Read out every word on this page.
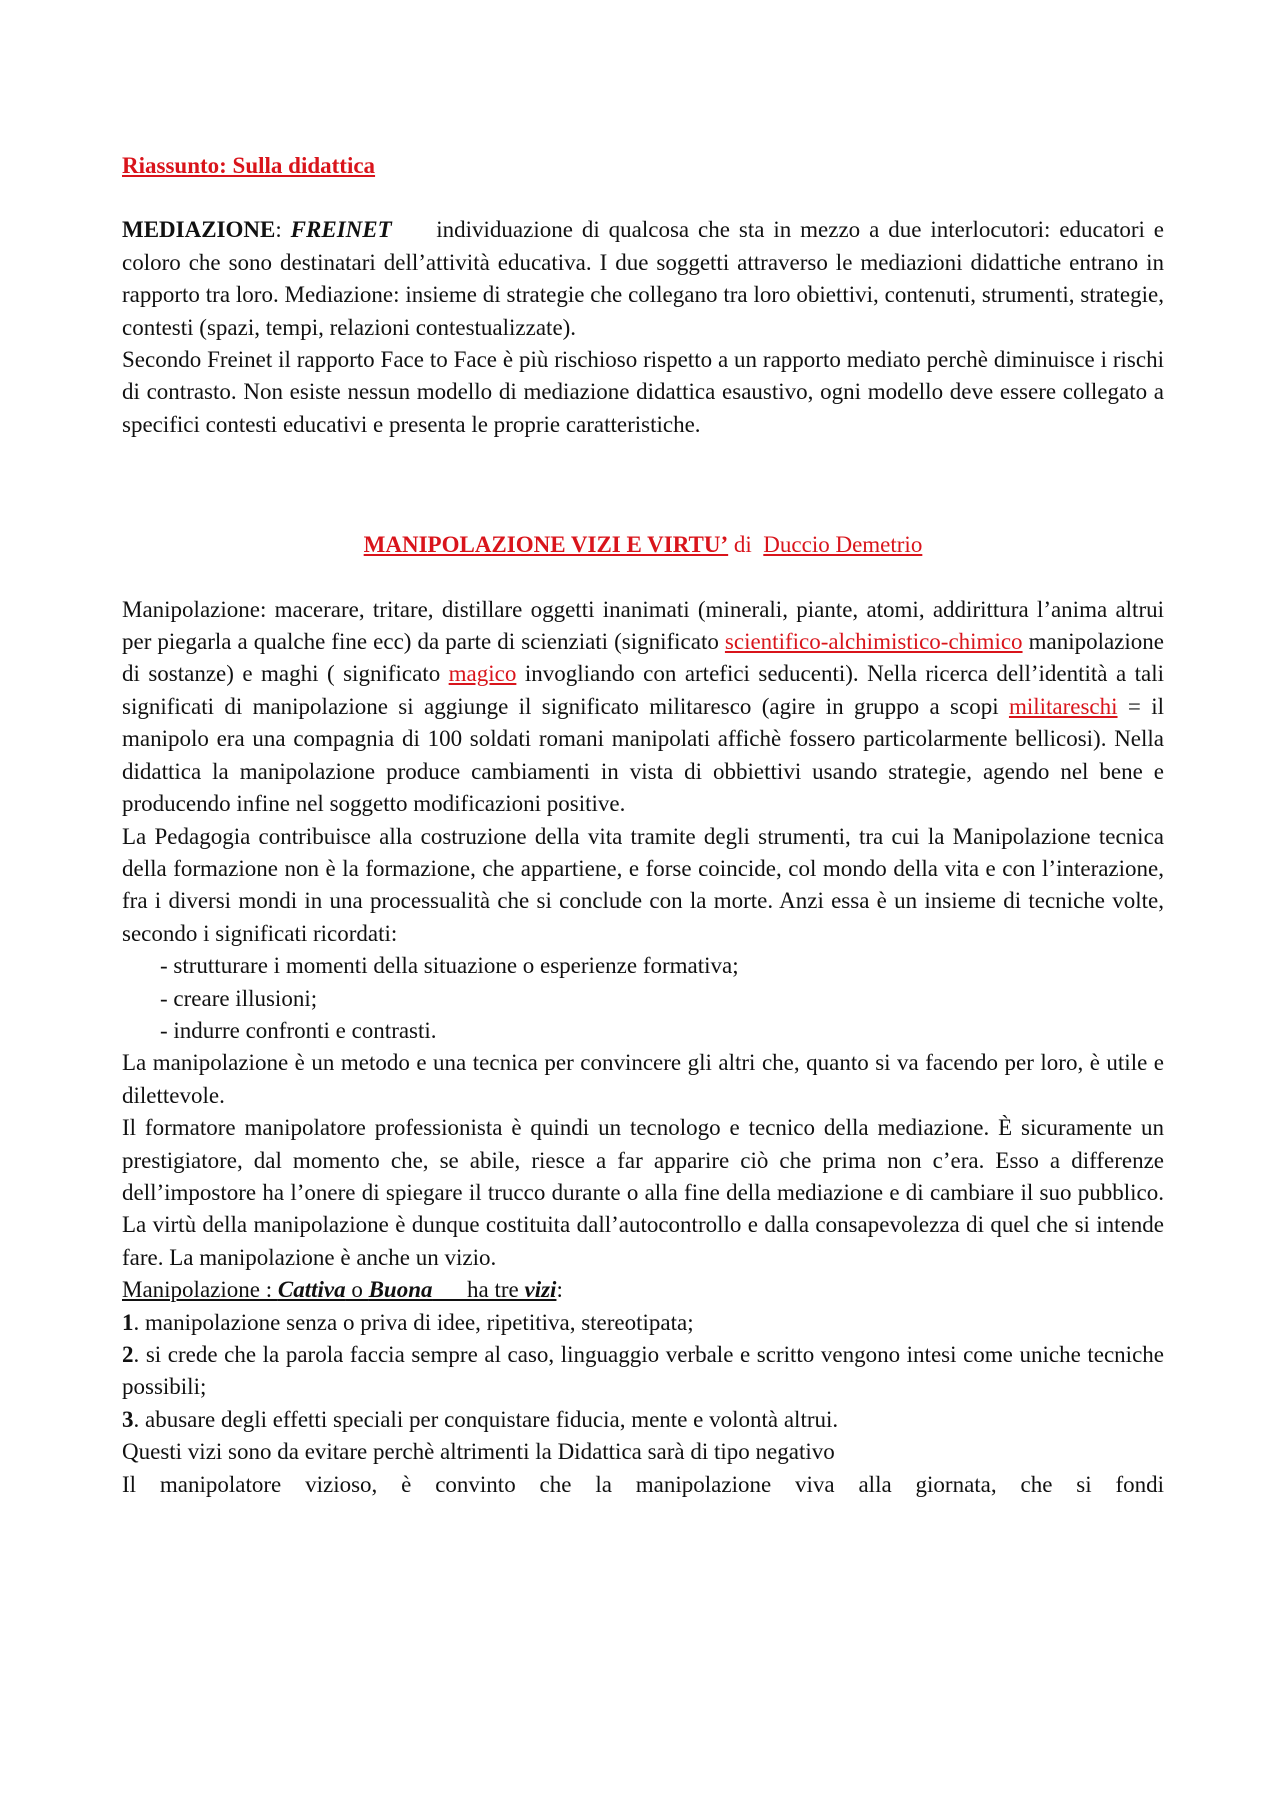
Riassunto: Sulla didattica

MEDIAZIONE: FREINET     individuazione di qualcosa che sta in mezzo a due interlocutori: educatori e coloro che sono destinatari dell’attività educativa. I due soggetti attraverso le mediazioni didattiche entrano in rapporto tra loro. Mediazione: insieme di strategie che collegano tra loro obiettivi, contenuti, strumenti, strategie, contesti (spazi, tempi, relazioni contestualizzate).

Secondo Freinet il rapporto Face to Face è più rischioso rispetto a un rapporto mediato perchè diminuisce i rischi di contrasto. Non esiste nessun modello di mediazione didattica esaustivo, ogni modello deve essere collegato a specifici contesti educativi e presenta le proprie caratteristiche.

MANIPOLAZIONE VIZI E VIRTU’ di  Duccio Demetrio

Manipolazione: macerare, tritare, distillare oggetti inanimati (minerali, piante, atomi, addirittura l’anima altrui per piegarla a qualche fine ecc) da parte di scienziati (significato scientifico-alchimistico-chimico manipolazione di sostanze) e maghi ( significato magico invogliando con artefici seducenti). Nella ricerca dell’identità a tali significati di manipolazione si aggiunge il significato militaresco (agire in gruppo a scopi militareschi = il manipolo era una compagnia di 100 soldati romani manipolati affichè fossero particolarmente bellicosi). Nella didattica la manipolazione produce cambiamenti in vista di obbiettivi usando strategie, agendo nel bene e producendo infine nel soggetto modificazioni positive.

La Pedagogia contribuisce alla costruzione della vita tramite degli strumenti, tra cui la Manipolazione tecnica della formazione non è la formazione, che appartiene, e forse coincide, col mondo della vita e con l’interazione, fra i diversi mondi in una processualità che si conclude con la morte. Anzi essa è un insieme di tecniche volte, secondo i significati ricordati:

- strutturare i momenti della situazione o esperienze formativa;

- creare illusioni;

- indurre confronti e contrasti.

La manipolazione è un metodo e una tecnica per convincere gli altri che, quanto si va facendo per loro, è utile e dilettevole.

Il formatore manipolatore professionista è quindi un tecnologo e tecnico della mediazione. È sicuramente un prestigiatore, dal momento che, se abile, riesce a far apparire ciò che prima non c’era. Esso a differenze dell’impostore ha l’onere di spiegare il trucco durante o alla fine della mediazione e di cambiare il suo pubblico. La virtù della manipolazione è dunque costituita dall’autocontrollo e dalla consapevolezza di quel che si intende fare. La manipolazione è anche un vizio.

Manipolazione : Cattiva o Buona      ha tre vizi:

1. manipolazione senza o priva di idee, ripetitiva, stereotipata;

2. si crede che la parola faccia sempre al caso, linguaggio verbale e scritto vengono intesi come uniche tecniche possibili;

3. abusare degli effetti speciali per conquistare fiducia, mente e volontà altrui.

Questi vizi sono da evitare perchè altrimenti la Didattica sarà di tipo negativo

Il manipolatore vizioso, è convinto che la manipolazione viva alla giornata, che si fondi
